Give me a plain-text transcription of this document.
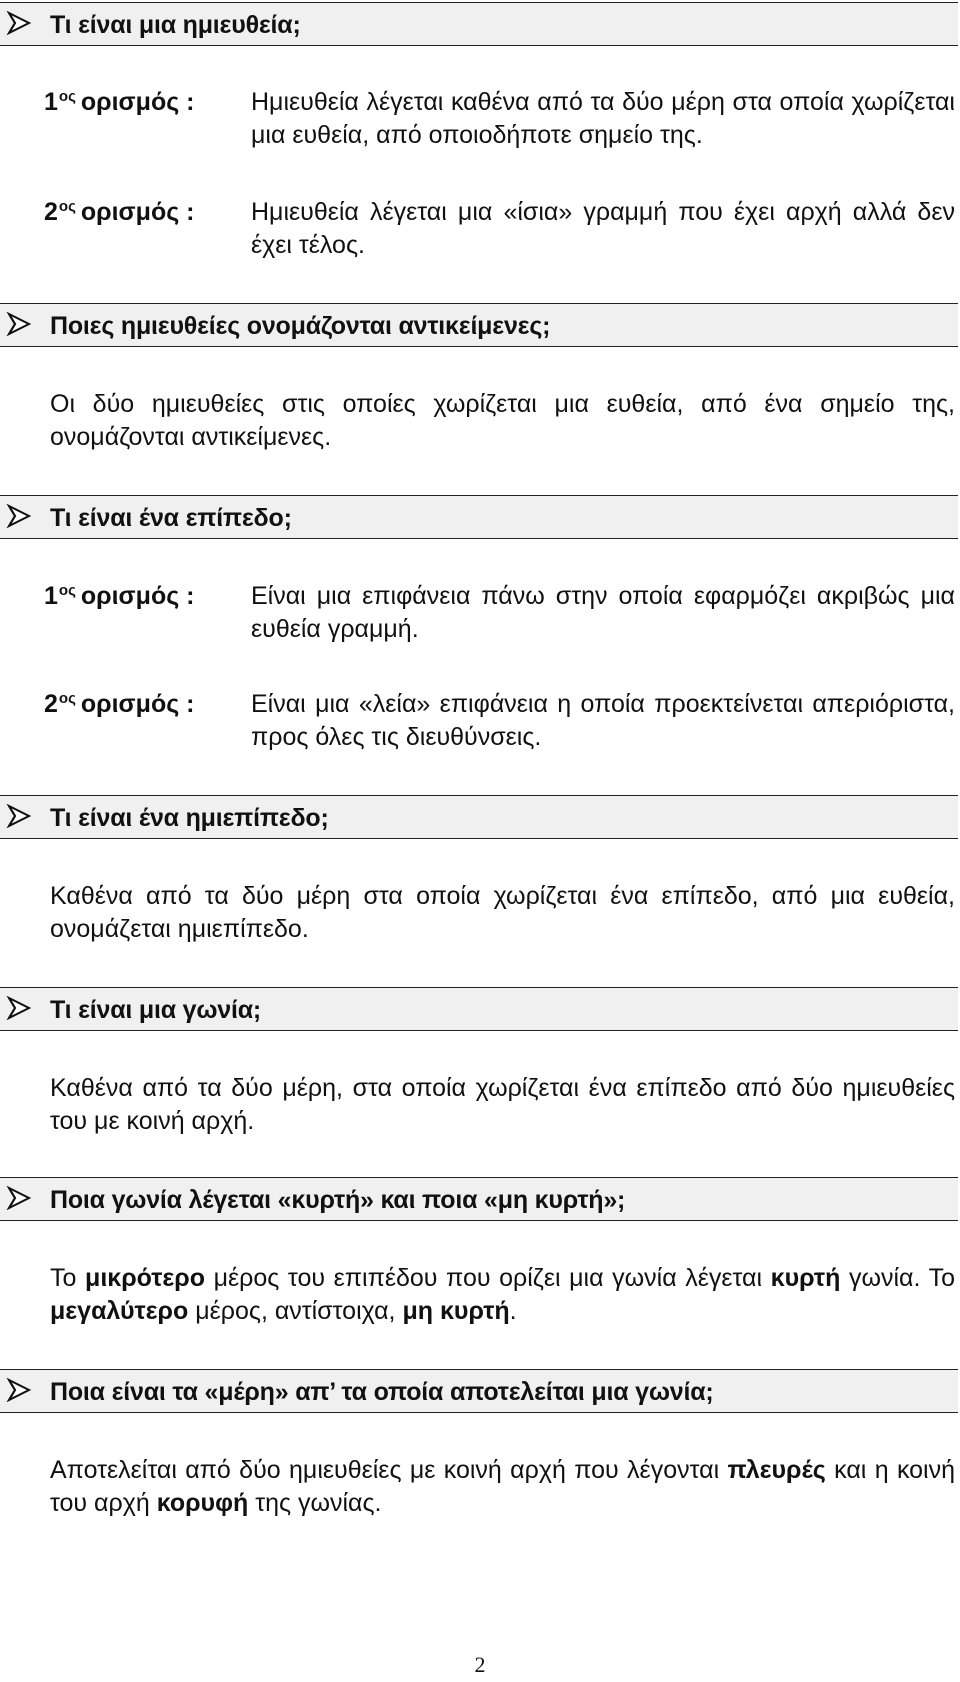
Τι είναι μια ημιευθεία;
$1^{o\varsigma}$ ορισμός : Ημιευθεία λέγεται καθένα από τα δύο μέρη στα οποία χωρίζεται μια ευθεία, από οποιοδήποτε σημείο της.
$2^{o\varsigma}$ ορισμός : Ημιευθεία λέγεται μια «ίσια» γραμμή που έχει αρχή αλλά δεν έχει τέλος.
Ποιες ημιευθείες ονομάζονται αντικείμενες;
Οι δύο ημιευθείες στις οποίες χωρίζεται μια ευθεία, από ένα σημείο της, ονομάζονται αντικείμενες.
Τι είναι ένα επίπεδο;
$1^{o\varsigma}$ ορισμός : Είναι μια επιφάνεια πάνω στην οποία εφαρμόζει ακριβώς μια ευθεία γραμμή.
$2^{o\varsigma}$ ορισμός : Είναι μια «λεία» επιφάνεια η οποία προεκτείνεται απεριόριστα, προς όλες τις διευθύνσεις.
Τι είναι ένα ημιεπίπεδο;
Καθένα από τα δύο μέρη στα οποία χωρίζεται ένα επίπεδο, από μια ευθεία, ονομάζεται ημιεπίπεδο.
Τι είναι μια γωνία;
Καθένα από τα δύο μέρη, στα οποία χωρίζεται ένα επίπεδο από δύο ημιευθείες του με κοινή αρχή.
Ποια γωνία λέγεται «κυρτή» και ποια «μη κυρτή»;
Το μικρότερο μέρος του επιπέδου που ορίζει μια γωνία λέγεται κυρτή γωνία. Το μεγαλύτερο μέρος, αντίστοιχα, μη κυρτή.
Ποια είναι τα «μέρη» απ’ τα οποία αποτελείται μια γωνία;
Αποτελείται από δύο ημιευθείες με κοινή αρχή που λέγονται πλευρές και η κοινή του αρχή κορυφή της γωνίας.
2
